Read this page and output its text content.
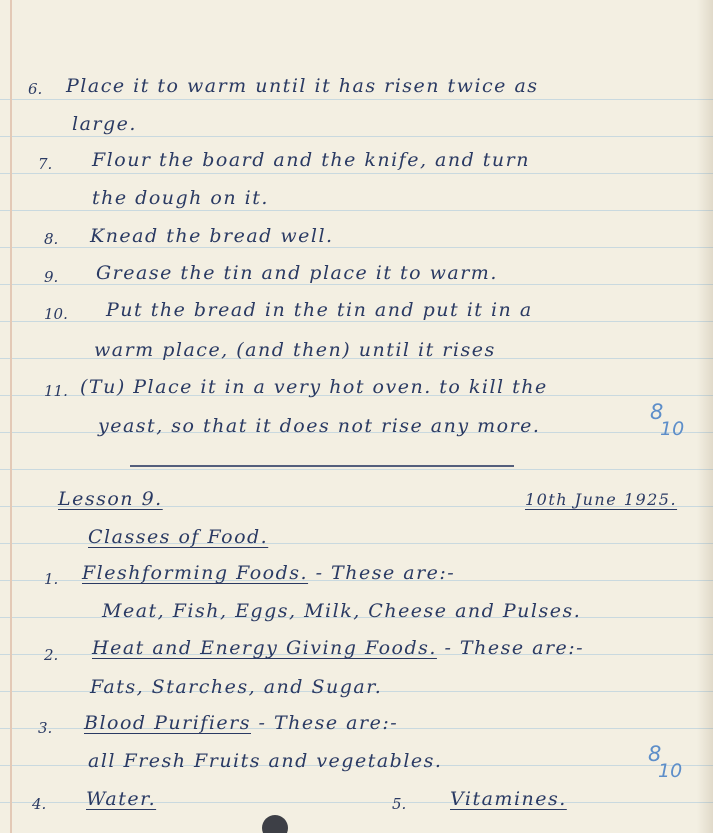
6. Place it to warm until it has risen twice as
large.
7. Flour the board and the knife, and turn
the dough on it.
8. Knead the bread well.
9. Grease the tin and place it to warm.
10. Put the bread in the tin and put it in a
warm place, (and then) until it rises
11. (Tu) Place it in a very hot oven. to kill the
yeast, so that it does not rise any more.
8
10
Lesson 9.	10th June 1925.
Classes of Food.
1. Fleshforming Foods. - These are:-
Meat, Fish, Eggs, Milk, Cheese and Pulses.
2. Heat and Energy Giving Foods. - These are:-
Fats, Starches, and Sugar.
3. Blood Purifiers - These are:-
all Fresh Fruits and vegetables.	8
10
4. Water.	5. Vitamines.
